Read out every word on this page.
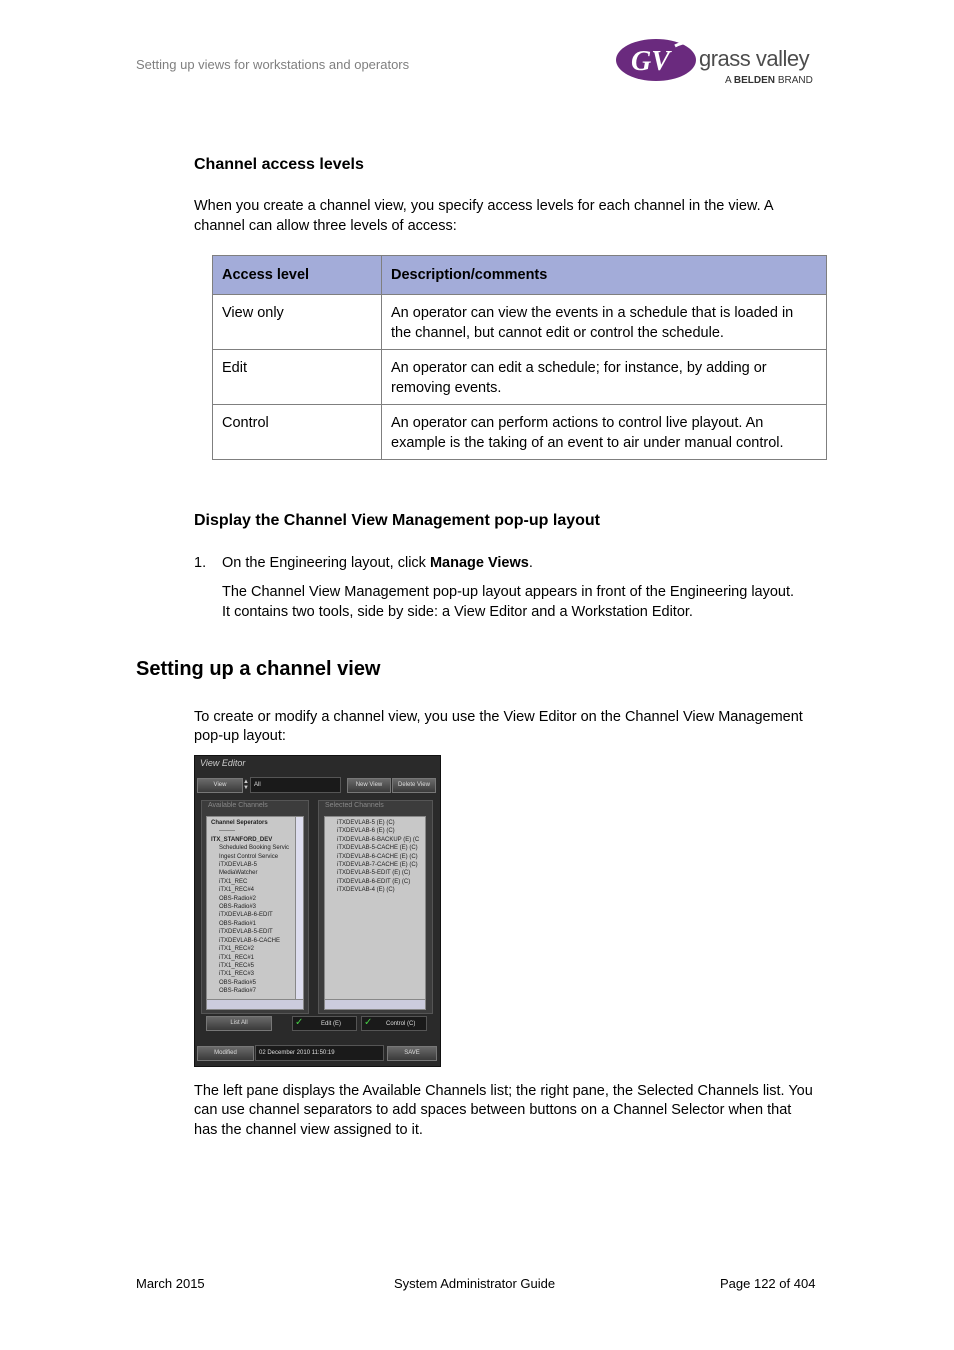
Setting up views for workstations and operators	GV grass valley
A BELDEN BRAND
Channel access levels

When you create a channel view, you specify access levels for each channel in the view. A

channel can allow three levels of access:

Access level	Description/comments
View only	An operator can view the events in a schedule that is loaded in
the channel, but cannot edit or control the schedule.
Edit	An operator can edit a schedule; for instance, by adding or
removing events.
Control	An operator can perform actions to control live playout. An
example is the taking of an event to air under manual control.
Display the Channel View Management pop-up layout

1. On the Engineering layout, click Manage Views.

The Channel View Management pop-up layout appears in front of the Engineering layout.

It contains two tools, side by side: a View Editor and a Workstation Editor.

Setting up a channel view

To create or modify a channel view, you use the View Editor on the Channel View Management

pop-up layout:

View Editor
View	▲
▼ All	New View	Delete View
Available Channels
Channel Seperators
--------
ITX_STANFORD_DEV
Scheduled Booking Servic
Ingest Control Service
iTXDEVLAB-5
MediaWatcher
iTX1_REC
iTX1_REC#4
OBS-Radio#2
OBS-Radio#3
iTXDEVLAB-6-EDIT
OBS-Radio#1
iTXDEVLAB-5-EDIT
iTXDEVLAB-6-CACHE
iTX1_REC#2
iTX1_REC#1
iTX1_REC#5
iTX1_REC#3
OBS-Radio#5
OBS-Radio#7
Selected Channels
iTXDEVLAB-5 (E) (C)
iTXDEVLAB-6 (E) (C)
iTXDEVLAB-6-BACKUP (E) (C
iTXDEVLAB-5-CACHE (E) (C)
iTXDEVLAB-6-CACHE (E) (C)
iTXDEVLAB-7-CACHE (E) (C)
iTXDEVLAB-5-EDIT (E) (C)
iTXDEVLAB-6-EDIT (E) (C)
iTXDEVLAB-4 (E) (C)
List All	✓	Edit (E) ✓ Control (C)
Modified	02 December 2010 11:50:19	SAVE

The left pane displays the Available Channels list; the right pane, the Selected Channels list. You

can use channel separators to add spaces between buttons on a Channel Selector when that

has the channel view assigned to it.

March 2015	System Administrator Guide	Page 122 of 404
